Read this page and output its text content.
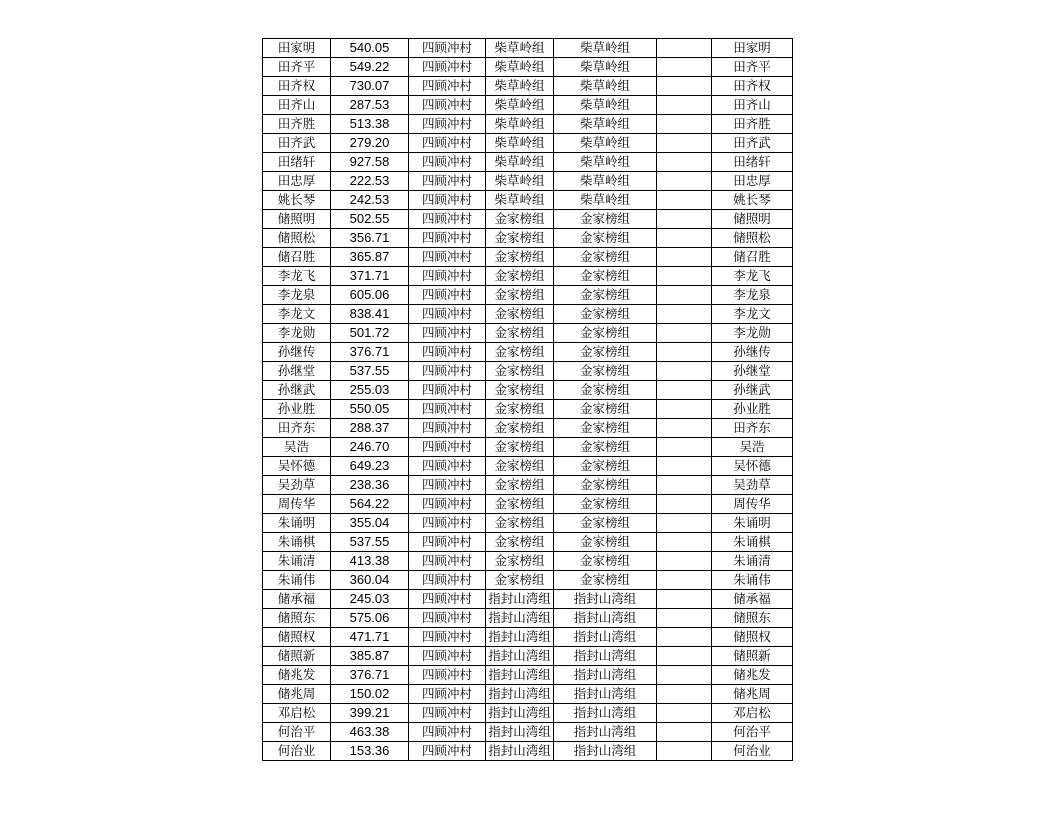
田家明	540.05	四顾冲村	柴草岭组	柴草岭组		田家明
田齐平	549.22	四顾冲村	柴草岭组	柴草岭组		田齐平
田齐权	730.07	四顾冲村	柴草岭组	柴草岭组		田齐权
田齐山	287.53	四顾冲村	柴草岭组	柴草岭组		田齐山
田齐胜	513.38	四顾冲村	柴草岭组	柴草岭组		田齐胜
田齐武	279.20	四顾冲村	柴草岭组	柴草岭组		田齐武
田绪轩	927.58	四顾冲村	柴草岭组	柴草岭组		田绪轩
田忠厚	222.53	四顾冲村	柴草岭组	柴草岭组		田忠厚
姚长琴	242.53	四顾冲村	柴草岭组	柴草岭组		姚长琴
储照明	502.55	四顾冲村	金家榜组	金家榜组		储照明
储照松	356.71	四顾冲村	金家榜组	金家榜组		储照松
储召胜	365.87	四顾冲村	金家榜组	金家榜组		储召胜
李龙飞	371.71	四顾冲村	金家榜组	金家榜组		李龙飞
李龙泉	605.06	四顾冲村	金家榜组	金家榜组		李龙泉
李龙文	838.41	四顾冲村	金家榜组	金家榜组		李龙文
李龙勋	501.72	四顾冲村	金家榜组	金家榜组		李龙勋
孙继传	376.71	四顾冲村	金家榜组	金家榜组		孙继传
孙继堂	537.55	四顾冲村	金家榜组	金家榜组		孙继堂
孙继武	255.03	四顾冲村	金家榜组	金家榜组		孙继武
孙业胜	550.05	四顾冲村	金家榜组	金家榜组		孙业胜
田齐东	288.37	四顾冲村	金家榜组	金家榜组		田齐东
吴浩	246.70	四顾冲村	金家榜组	金家榜组		吴浩
吴怀德	649.23	四顾冲村	金家榜组	金家榜组		吴怀德
吴劲草	238.36	四顾冲村	金家榜组	金家榜组		吴劲草
周传华	564.22	四顾冲村	金家榜组	金家榜组		周传华
朱诵明	355.04	四顾冲村	金家榜组	金家榜组		朱诵明
朱诵棋	537.55	四顾冲村	金家榜组	金家榜组		朱诵棋
朱诵清	413.38	四顾冲村	金家榜组	金家榜组		朱诵清
朱诵伟	360.04	四顾冲村	金家榜组	金家榜组		朱诵伟
储承福	245.03	四顾冲村	指封山湾组	指封山湾组		储承福
储照东	575.06	四顾冲村	指封山湾组	指封山湾组		储照东
储照权	471.71	四顾冲村	指封山湾组	指封山湾组		储照权
储照新	385.87	四顾冲村	指封山湾组	指封山湾组		储照新
储兆发	376.71	四顾冲村	指封山湾组	指封山湾组		储兆发
储兆周	150.02	四顾冲村	指封山湾组	指封山湾组		储兆周
邓启松	399.21	四顾冲村	指封山湾组	指封山湾组		邓启松
何治平	463.38	四顾冲村	指封山湾组	指封山湾组		何治平
何治业	153.36	四顾冲村	指封山湾组	指封山湾组		何治业
